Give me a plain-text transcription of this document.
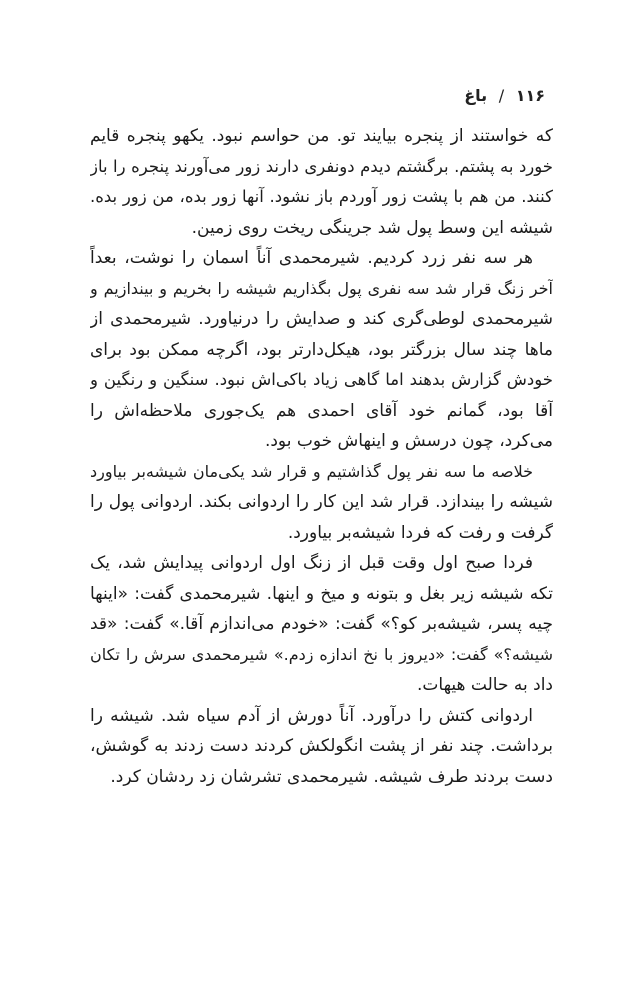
۱۱۶ / باغ
که خواستند از پنجره بیایند تو. من حواسم نبود. یکهو پنجره قایم
خورد به پشتم. برگشتم دیدم دونفری دارند زور می‌آورند پنجره را باز
کنند. من هم با پشت زور آوردم باز نشود. آنها زور بده، من زور بده.
شیشه این وسط پول شد جرینگی ریخت روی زمین.
هر سه نفر زرد کردیم. شیرمحمدی آناً اسمان را نوشت، بعداً
آخر زنگ قرار شد سه نفری پول بگذاریم شیشه را بخریم و بیندازیم و
شیرمحمدی لوطی‌گری کند و صدایش را درنیاورد. شیرمحمدی از
ماها چند سال بزرگتر بود، هیکل‌دارتر بود، اگرچه ممکن بود برای
خودش گزارش بدهند اما گاهی زیاد باکی‌اش نبود. سنگین و رنگین و
آقا بود، گمانم خود آقای احمدی هم یک‌جوری ملاحظه‌اش را
می‌کرد، چون درسش و اینهاش خوب بود.
خلاصه ما سه نفر پول گذاشتیم و قرار شد یکی‌مان شیشه‌بر بیاورد
شیشه را بیندازد. قرار شد این کار را اردوانی بکند. اردوانی پول را
گرفت و رفت که فردا شیشه‌بر بیاورد.
فردا صبح اول وقت قبل از زنگ اول اردوانی پیدایش شد، یک
تکه شیشه زیر بغل و بتونه و میخ و اینها. شیرمحمدی گفت: «اینها
چیه پسر، شیشه‌بر کو؟» گفت: «خودم می‌اندازم آقا.» گفت: «قد
شیشه؟» گفت: «دیروز با نخ اندازه زدم.» شیرمحمدی سرش را تکان
داد به حالت هیهات.
اردوانی کتش را درآورد. آناً دورش از آدم سیاه شد. شیشه را
برداشت. چند نفر از پشت انگولکش کردند دست زدند به گوشش،
دست بردند طرف شیشه. شیرمحمدی تشرشان زد ردشان کرد.
